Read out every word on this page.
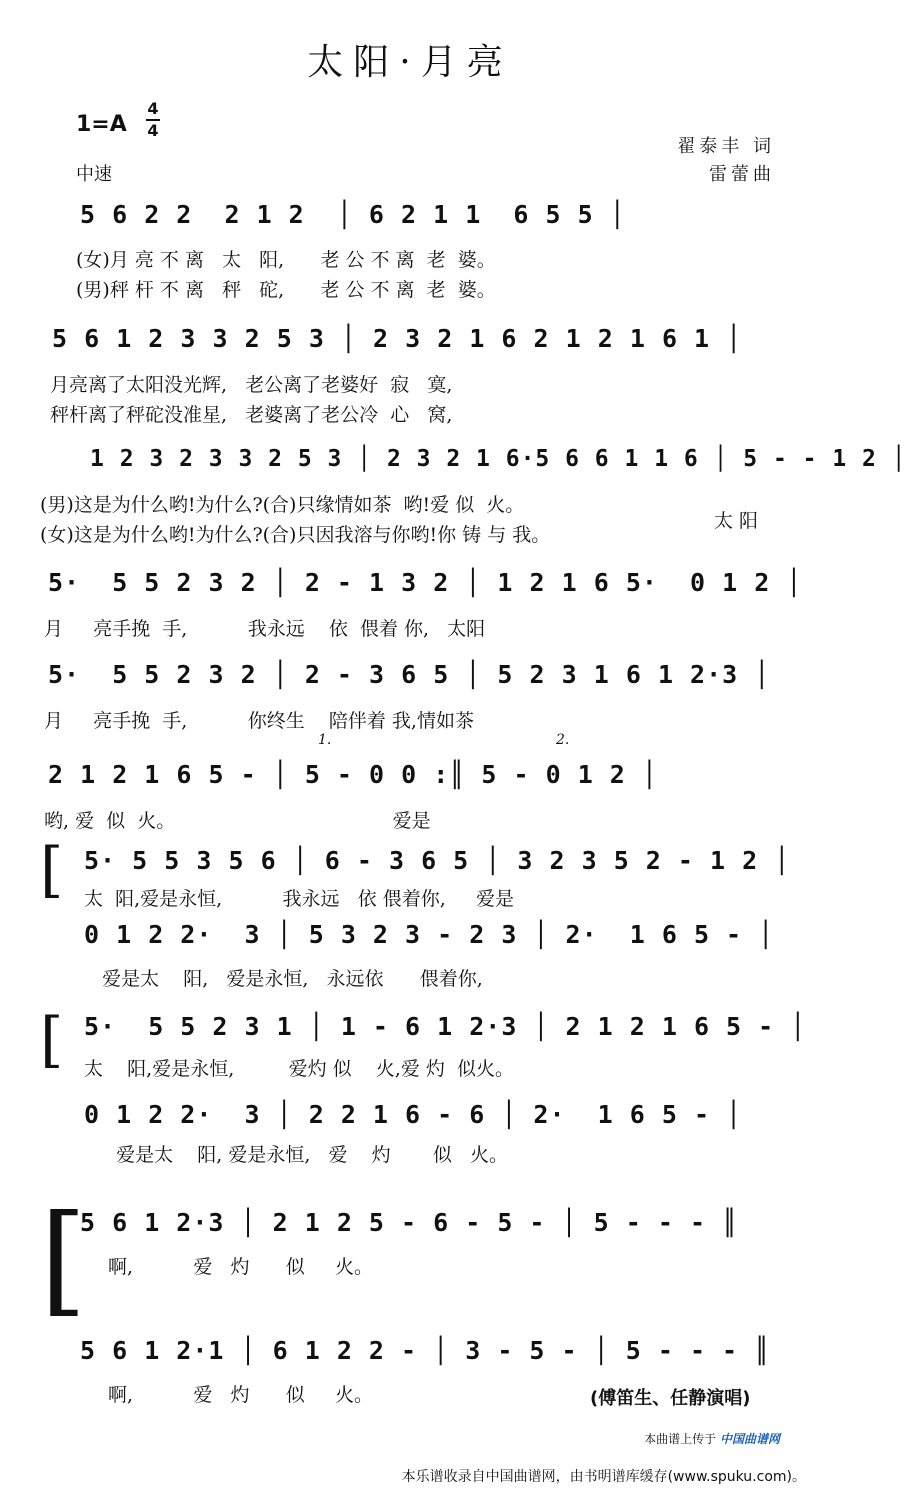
太阳·月亮
1=A
4
4
中速
翟泰丰 词
雷蕾曲
5 6 2 2  2 1 2  │ 6 2 1 1  6 5 5 │
(女)月 亮 不 离   太   阳,      老 公 不 离  老  婆。
(男)秤 杆 不 离   秤   砣,      老 公 不 离  老  婆。
5 6 1 2 3 3 2 5 3 │ 2 3 2 1 6 2 1 2 1 6 1 │
月亮离了太阳没光辉,   老公离了老婆好  寂   寞,
秤杆离了秤砣没准星,   老婆离了老公冷  心   窝,
1 2 3 2 3 3 2 5 3 │ 2 3 2 1 6·5 6 6 1 1 6 │ 5 - - 1 2 │
(男)这是为什么哟!为什么?(合)只缘情如茶  哟!爱 似  火。
(女)这是为什么哟!为什么?(合)只因我溶与你哟!你 铸 与 我。
太 阳
5·  5 5 2 3 2 │ 2 - 1 3 2 │ 1 2 1 6 5·  0 1 2 │
月     亮手挽  手,          我永远    依  偎着 你,   太阳
5·  5 5 2 3 2 │ 2 - 3 6 5 │ 5 2 3 1 6 1 2·3 │
月     亮手挽  手,          你终生    陪伴着 我,情如茶
1.	2.
2 1 2 1 6 5 - │ 5 - 0 0 :║ 5 - 0 1 2 │
哟, 爱  似  火。                                    爱是
[ 5· 5 5 3 5 6 │ 6 - 3 6 5 │ 3 2 3 5 2 - 1 2 │
太  阳,爱是永恒,          我永远   依 偎着你,     爱是
0 1 2 2·  3 │ 5 3 2 3 - 2 3 │ 2·  1 6 5 - │
爱是太    阳,   爱是永恒,   永远依      偎着你,
[ 5·  5 5 2 3 1 │ 1 - 6 1 2·3 │ 2 1 2 1 6 5 - │
太    阳,爱是永恒,         爱灼 似    火,爱 灼  似火。
0 1 2 2·  3 │ 2 2 1 6 - 6 │ 2·  1 6 5 - │
爱是太    阳, 爱是永恒,   爱    灼       似   火。
[
5 6 1 2·3 │ 2 1 2 5 - 6 - 5 - │ 5 - - - ║
啊,          爱   灼      似     火。
5 6 1 2·1 │ 6 1 2 2 - │ 3 - 5 - │ 5 - - - ║
啊,          爱   灼      似     火。	(傅笛生、任静演唱)
本曲谱上传于 中国曲谱网
本乐谱收录自中国曲谱网，由书明谱库缓存(www.spuku.com)。
